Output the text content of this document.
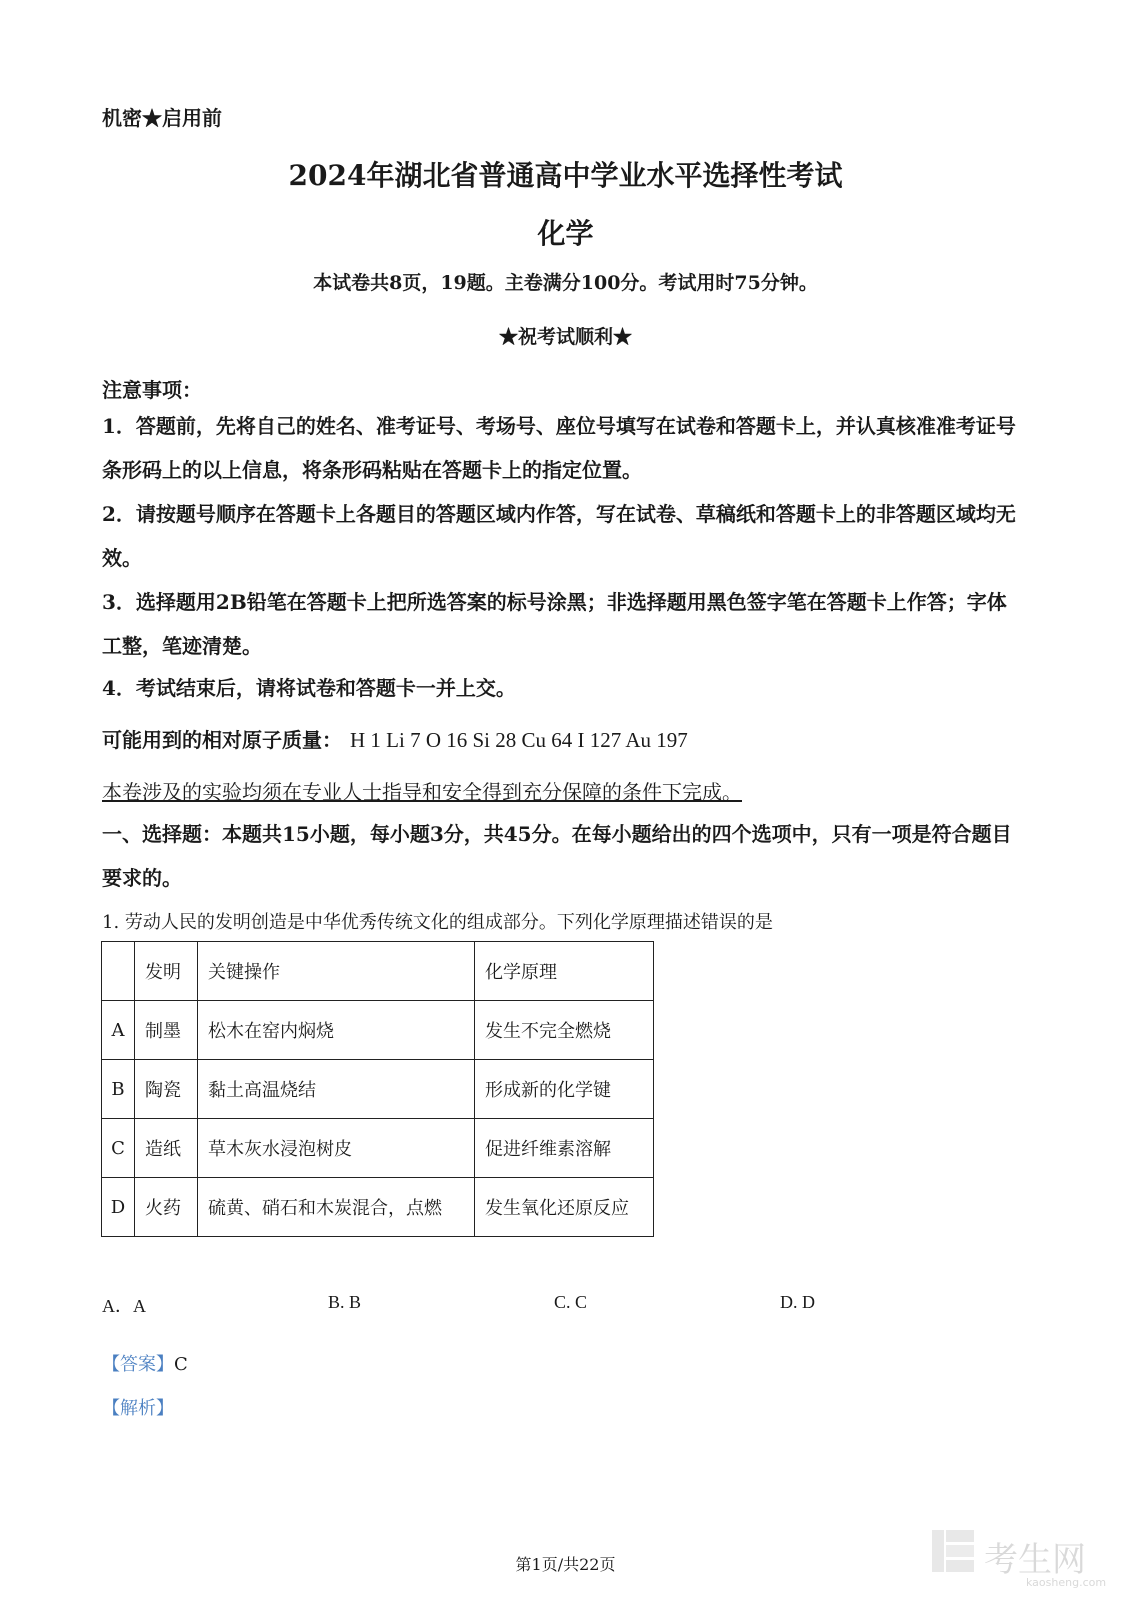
机密★启用前
2024年湖北省普通高中学业水平选择性考试
化学
本试卷共8页，19题。主卷满分100分。考试用时75分钟。
★祝考试顺利★
注意事项：
1．答题前，先将自己的姓名、准考证号、考场号、座位号填写在试卷和答题卡上，并认真核准准考证号条形码上的以上信息，将条形码粘贴在答题卡上的指定位置。
2．请按题号顺序在答题卡上各题目的答题区域内作答，写在试卷、草稿纸和答题卡上的非答题区域均无效。
3．选择题用2B铅笔在答题卡上把所选答案的标号涂黑；非选择题用黑色签字笔在答题卡上作答；字体工整，笔迹清楚。
4．考试结束后，请将试卷和答题卡一并上交。
可能用到的相对原子质量： H 1 Li 7 O 16 Si 28 Cu 64 I 127 Au 197
本卷涉及的实验均须在专业人士指导和安全得到充分保障的条件下完成。
一、选择题：本题共15小题，每小题3分，共45分。在每小题给出的四个选项中，只有一项是符合题目要求的。
1. 劳动人民的发明创造是中华优秀传统文化的组成部分。下列化学原理描述错误的是
	发明	关键操作	化学原理
A	制墨	松木在窑内焖烧	发生不完全燃烧
B	陶瓷	黏土高温烧结	形成新的化学键
C	造纸	草木灰水浸泡树皮	促进纤维素溶解
D	火药	硫黄、硝石和木炭混合，点燃	发生氧化还原反应
A．A	B. B	C. C	D. D
【答案】C
【解析】
第1页/共22页	考生网
kaosheng.com
